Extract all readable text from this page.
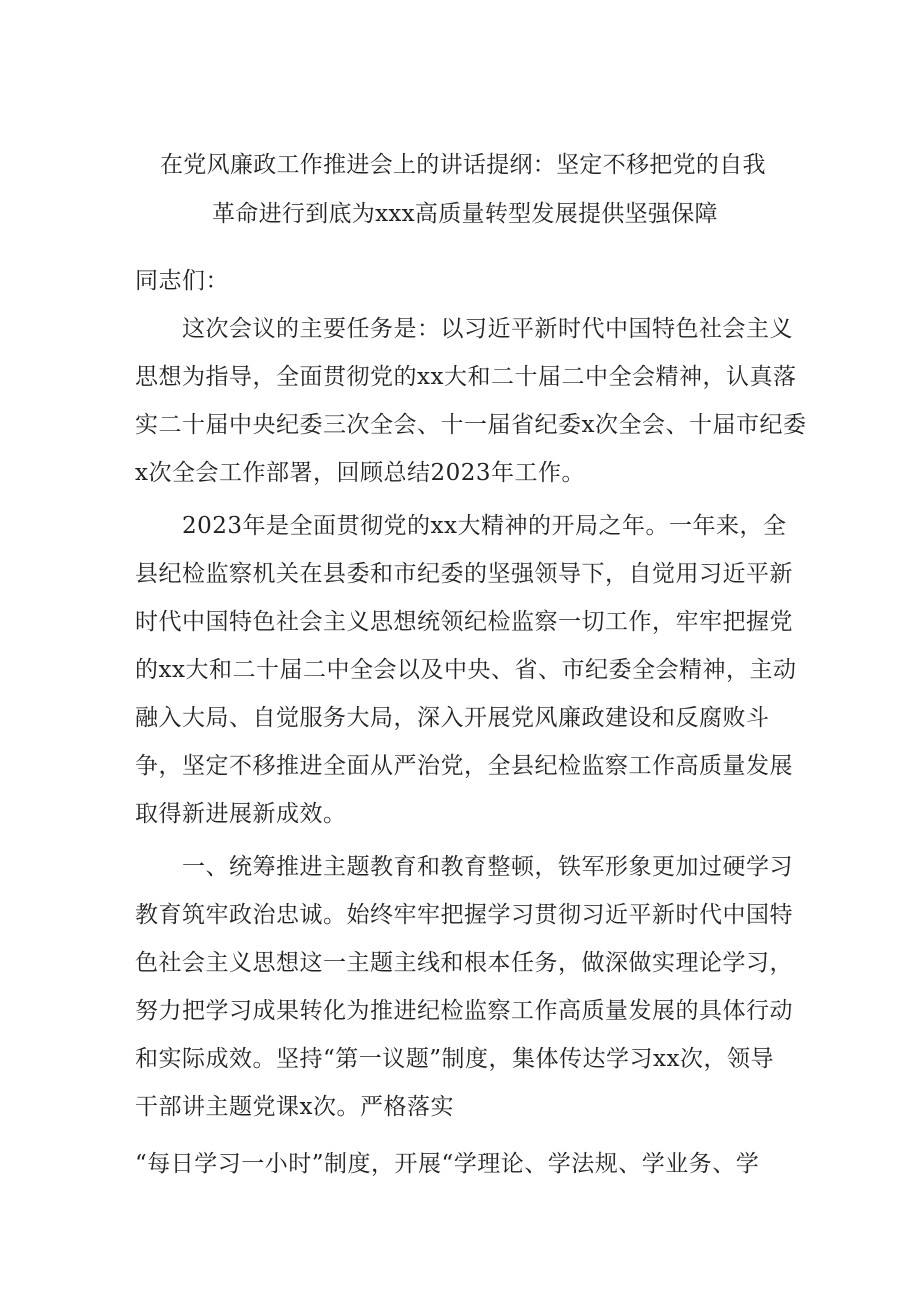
在党风廉政工作推进会上的讲话提纲：坚定不移把党的自我
革命进行到底为xxx高质量转型发展提供坚强保障
同志们：
这次会议的主要任务是：以习近平新时代中国特色社会主义
思想为指导，全面贯彻党的xx大和二十届二中全会精神，认真落
实二十届中央纪委三次全会、十一届省纪委x次全会、十届市纪委
x次全会工作部署，回顾总结2023年工作。
2023年是全面贯彻党的xx大精神的开局之年。一年来，全
县纪检监察机关在县委和市纪委的坚强领导下，自觉用习近平新
时代中国特色社会主义思想统领纪检监察一切工作，牢牢把握党
的xx大和二十届二中全会以及中央、省、市纪委全会精神，主动
融入大局、自觉服务大局，深入开展党风廉政建设和反腐败斗
争，坚定不移推进全面从严治党，全县纪检监察工作高质量发展
取得新进展新成效。
一、统筹推进主题教育和教育整顿，铁军形象更加过硬学习
教育筑牢政治忠诚。始终牢牢把握学习贯彻习近平新时代中国特
色社会主义思想这一主题主线和根本任务，做深做实理论学习，
努力把学习成果转化为推进纪检监察工作高质量发展的具体行动
和实际成效。坚持“第一议题”制度，集体传达学习xx次，领导
干部讲主题党课x次。严格落实
“每日学习一小时”制度，开展“学理论、学法规、学业务、学
